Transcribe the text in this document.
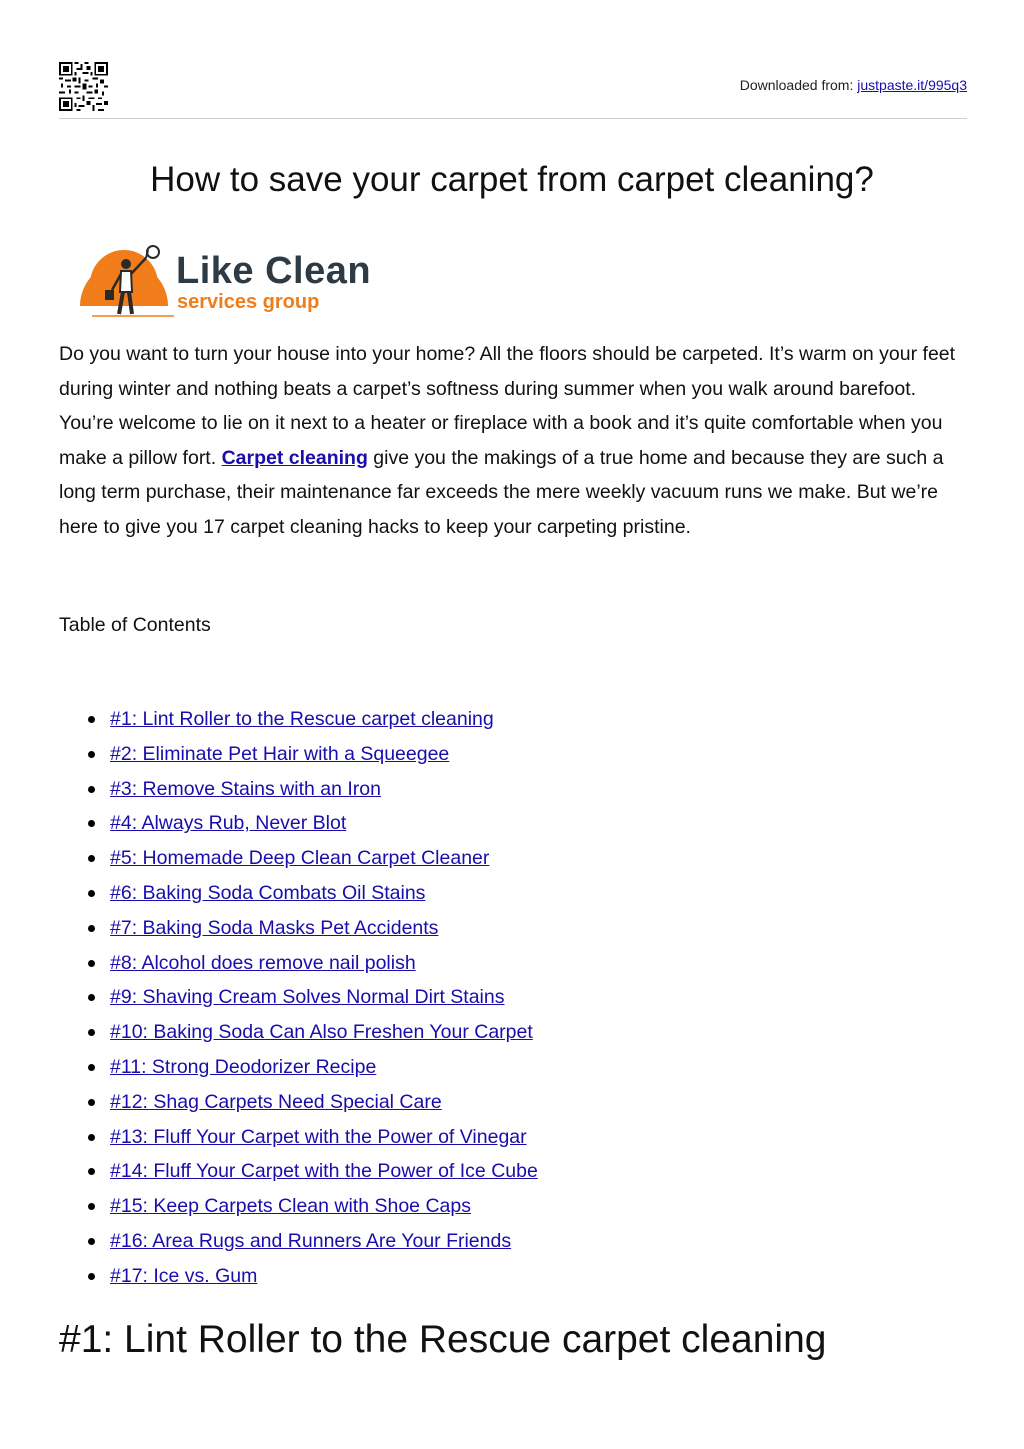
Downloaded from: justpaste.it/995q3
How to save your carpet from carpet cleaning?
Like Clean
services group

Do you want to turn your house into your home? All the floors should be carpeted. It’s warm on your feet during winter and nothing beats a carpet’s softness during summer when you walk around barefoot. You’re welcome to lie on it next to a heater or fireplace with a book and it’s quite comfortable when you make a pillow fort. Carpet cleaning give you the makings of a true home and because they are such a long term purchase, their maintenance far exceeds the mere weekly vacuum runs we make. But we’re here to give you 17 carpet cleaning hacks to keep your carpeting pristine.

Table of Contents

#1: Lint Roller to the Rescue carpet cleaning
#2: Eliminate Pet Hair with a Squeegee
#3: Remove Stains with an Iron
#4: Always Rub, Never Blot
#5: Homemade Deep Clean Carpet Cleaner
#6: Baking Soda Combats Oil Stains
#7: Baking Soda Masks Pet Accidents
#8: Alcohol does remove nail polish
#9: Shaving Cream Solves Normal Dirt Stains
#10: Baking Soda Can Also Freshen Your Carpet
#11: Strong Deodorizer Recipe
#12: Shag Carpets Need Special Care
#13: Fluff Your Carpet with the Power of Vinegar
#14: Fluff Your Carpet with the Power of Ice Cube
#15: Keep Carpets Clean with Shoe Caps
#16: Area Rugs and Runners Are Your Friends
#17: Ice vs. Gum
#1: Lint Roller to the Rescue carpet cleaning
